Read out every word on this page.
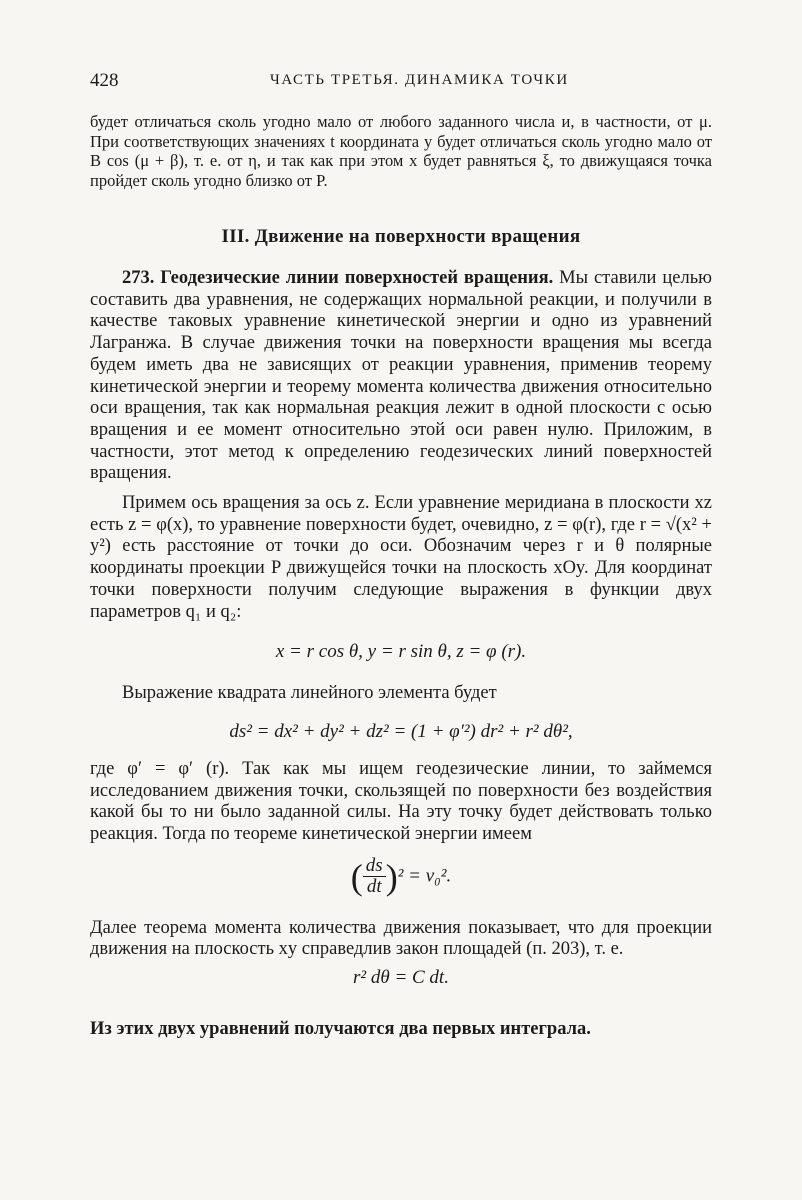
428	ЧАСТЬ ТРЕТЬЯ. ДИНАМИКА ТОЧКИ

будет отличаться сколь угодно мало от любого заданного числа и, в частности, от μ. При соответствующих значениях t координата y будет отличаться сколь угодно мало от B cos (μ + β), т. е. от η, и так как при этом x будет равняться ξ, то движущаяся точка пройдет сколь угодно близко от P.

III. Движение на поверхности вращения

273. Геодезические линии поверхностей вращения. Мы ставили целью составить два уравнения, не содержащих нормальной реакции, и получили в качестве таковых уравнение кинетической энергии и одно из уравнений Лагранжа. В случае движения точки на поверхности вращения мы всегда будем иметь два не зависящих от реакции уравнения, применив теорему кинетической энергии и теорему момента количества движения относительно оси вращения, так как нормальная реакция лежит в одной плоскости с осью вращения и ее момент относительно этой оси равен нулю. Приложим, в частности, этот метод к определению геодезических линий поверхностей вращения.

Примем ось вращения за ось z. Если уравнение меридиана в плоскости xz есть z = φ(x), то уравнение поверхности будет, очевидно, z = φ(r), где r = √(x² + y²) есть расстояние от точки до оси. Обозначим через r и θ полярные координаты проекции P движущейся точки на плоскость xOy. Для координат точки поверхности получим следующие выражения в функции двух параметров q₁ и q₂:

x = r cos θ, y = r sin θ, z = φ (r).

Выражение квадрата линейного элемента будет

ds² = dx² + dy² + dz² = (1 + φ′²) dr² + r² dθ²,

где φ′ = φ′ (r). Так как мы ищем геодезические линии, то займемся исследованием движения точки, скользящей по поверхности без воздействия какой бы то ни было заданной силы. На эту точку будет действовать только реакция. Тогда по теореме кинетической энергии имеем

( $\frac{ds}{dt} )^2 = v_0^2$.

Далее теорема момента количества движения показывает, что для проекции движения на плоскость xy справедлив закон площадей (п. 203), т. е.

r² dθ = C dt.

Из этих двух уравнений получаются два первых интеграла.
